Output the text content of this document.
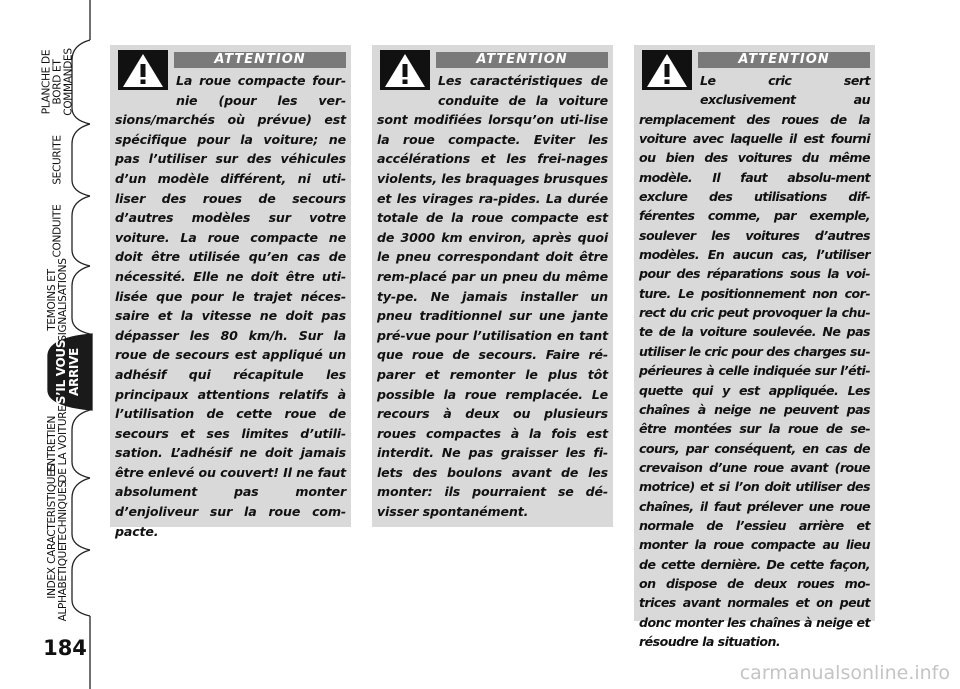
PLANCHE DE BORD ET COMMANDES
SECURITE
CONDUITE
TEMOINS ET SIGNALISATIONS
S’IL VOUS ARRIVE
ENTRETIEN DE LA VOITURE
CARACTERISTIQUES TECHNIQUES
INDEX ALPHABETIQUE
184
ATTENTION

La roue compacte four-nie (pour les ver-sions/marchés où prévue) est spécifique pour la voiture; ne pas l’utiliser sur des véhicules d’un modèle différent, ni uti-liser des roues de secours d’autres modèles sur votre voiture. La roue compacte ne doit être utilisée qu’en cas de nécessité. Elle ne doit être uti-lisée que pour le trajet néces-saire et la vitesse ne doit pas dépasser les 80 km/h. Sur la roue de secours est appliqué un adhésif qui récapitule les principaux attentions relatifs à l’utilisation de cette roue de secours et ses limites d’utili-sation. L’adhésif ne doit jamais être enlevé ou couvert! Il ne faut absolument pas monter d’enjoliveur sur la roue com-pacte.

ATTENTION

Les caractéristiques de conduite de la voiture sont modifiées lorsqu’on uti-lise la roue compacte. Eviter les accélérations et les frei-nages violents, les braquages brusques et les virages ra-pides. La durée totale de la roue compacte est de 3000 km environ, après quoi le pneu correspondant doit être rem-placé par un pneu du même ty-pe. Ne jamais installer un pneu traditionnel sur une jante pré-vue pour l’utilisation en tant que roue de secours. Faire ré-parer et remonter le plus tôt possible la roue remplacée. Le recours à deux ou plusieurs roues compactes à la fois est interdit. Ne pas graisser les fi-lets des boulons avant de les monter: ils pourraient se dé-visser spontanément.

ATTENTION

Le cric sert exclusivement au remplacement des roues de la voiture avec laquelle il est fourni ou bien des voitures du même modèle. Il faut absolu-ment exclure des utilisations dif-férentes comme, par exemple, soulever les voitures d’autres modèles. En aucun cas, l’utiliser pour des réparations sous la voi-ture. Le positionnement non cor-rect du cric peut provoquer la chu-te de la voiture soulevée. Ne pas utiliser le cric pour des charges su-périeures à celle indiquée sur l’éti-quette qui y est appliquée. Les chaînes à neige ne peuvent pas être montées sur la roue de se-cours, par conséquent, en cas de crevaison d’une roue avant (roue motrice) et si l’on doit utiliser des chaînes, il faut prélever une roue normale de l’essieu arrière et monter la roue compacte au lieu de cette dernière. De cette façon, on dispose de deux roues mo-trices avant normales et on peut donc monter les chaînes à neige et résoudre la situation.

carmanualsonline.info
